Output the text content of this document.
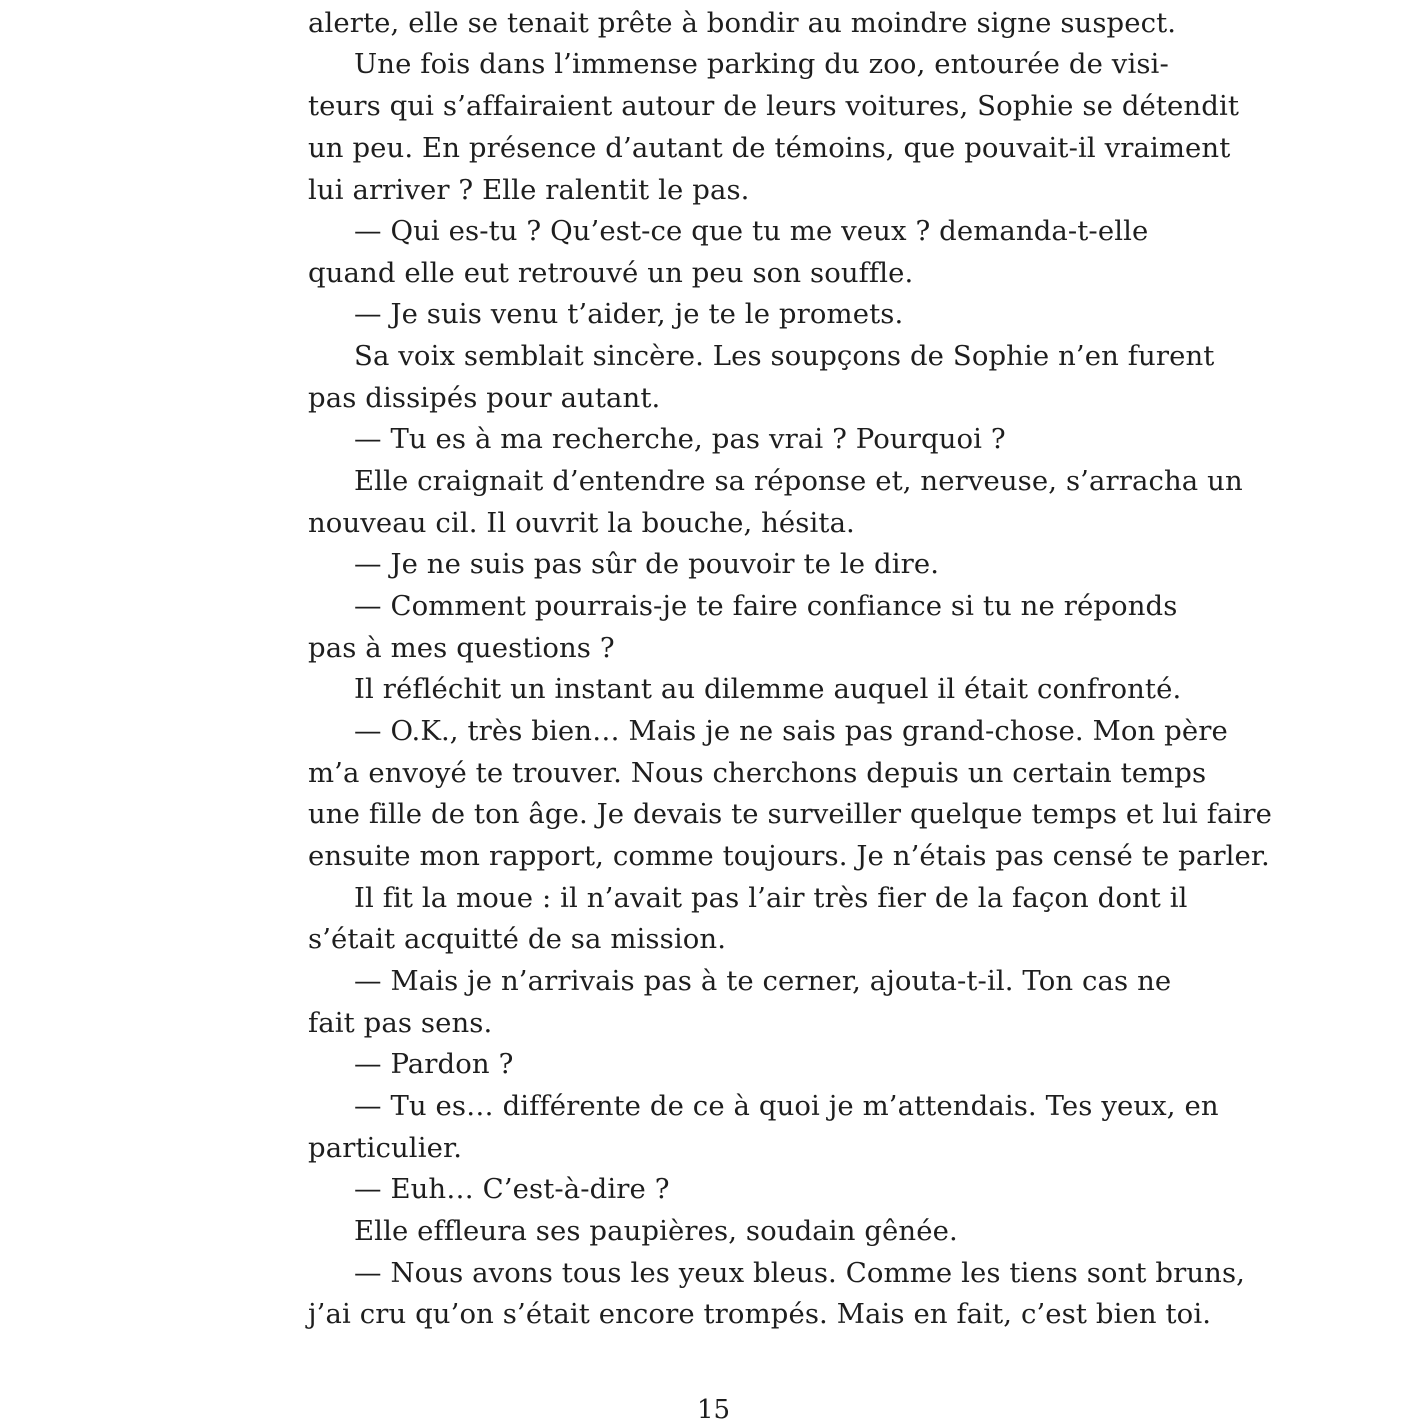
alerte, elle se tenait prête à bondir au moindre signe suspect.
Une fois dans l’immense parking du zoo, entourée de visi-
teurs qui s’affairaient autour de leurs voitures, Sophie se détendit
un peu. En présence d’autant de témoins, que pouvait-il vraiment
lui arriver ? Elle ralentit le pas.
— Qui es-tu ? Qu’est-ce que tu me veux ? demanda-t-elle
quand elle eut retrouvé un peu son souffle.
— Je suis venu t’aider, je te le promets.
Sa voix semblait sincère. Les soupçons de Sophie n’en furent
pas dissipés pour autant.
— Tu es à ma recherche, pas vrai ? Pourquoi ?
Elle craignait d’entendre sa réponse et, nerveuse, s’arracha un
nouveau cil. Il ouvrit la bouche, hésita.
— Je ne suis pas sûr de pouvoir te le dire.
— Comment pourrais-je te faire confiance si tu ne réponds
pas à mes questions ?
Il réfléchit un instant au dilemme auquel il était confronté.
— O.K., très bien… Mais je ne sais pas grand-chose. Mon père
m’a envoyé te trouver. Nous cherchons depuis un certain temps
une fille de ton âge. Je devais te surveiller quelque temps et lui faire
ensuite mon rapport, comme toujours. Je n’étais pas censé te parler.
Il fit la moue : il n’avait pas l’air très fier de la façon dont il
s’était acquitté de sa mission.
— Mais je n’arrivais pas à te cerner, ajouta-t-il. Ton cas ne
fait pas sens.
— Pardon ?
— Tu es… différente de ce à quoi je m’attendais. Tes yeux, en
particulier.
— Euh… C’est-à-dire ?
Elle effleura ses paupières, soudain gênée.
— Nous avons tous les yeux bleus. Comme les tiens sont bruns,
j’ai cru qu’on s’était encore trompés. Mais en fait, c’est bien toi.
15
